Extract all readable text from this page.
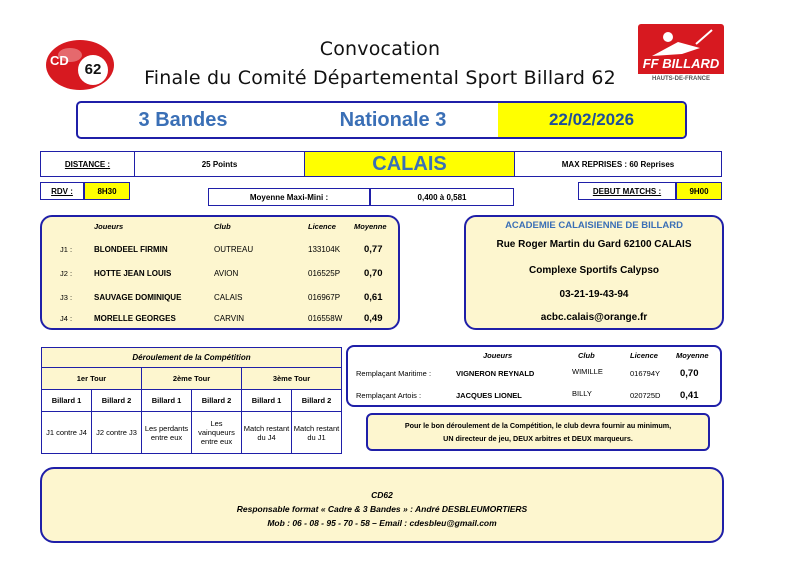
CD
62	FF BILLARD
HAUTS-DE-FRANCE
Convocation
Finale du Comité Départemental Sport Billard 62
3 Bandes	Nationale 3	22/02/2026
DISTANCE :	25 Points	CALAIS	MAX REPRISES : 60 Reprises
RDV :	8H30
Moyenne Maxi-Mini :	0,400 à 0,581
DEBUT MATCHS :	9H00
Joueurs	Club	Licence Moyenne
J1 :	BLONDEEL FIRMIN	OUTREAU	133104K	0,77
J2 :	HOTTE JEAN LOUIS	AVION	016525P	0,70
J3 :	SAUVAGE DOMINIQUE	CALAIS	016967P	0,61
J4 :	MORELLE GEORGES	CARVIN	016558W 0,49
ACADEMIE CALAISIENNE DE BILLARD
Rue Roger Martin du Gard 62100 CALAIS
Complexe Sportifs Calypso
03-21-19-43-94
acbc.calais@orange.fr
Déroulement de la Compétition					
1er Tour		2ème Tour		3ème Tour	
Billard 1	Billard 2	Billard 1	Billard 2	Billard 1	Billard 2
J1 contre J4	J2 contre J3	Les perdants entre eux	Les vainqueurs entre eux	Match restant du J4	Match restant du J1
Joueurs	Club	Licence Moyenne
Remplaçant Maritime :	VIGNERON REYNALD	WIMILLE	016794Y 0,70
Remplaçant Artois :	JACQUES LIONEL	BILLY	020725D 0,41
Pour le bon déroulement de la Compétition, le club devra fournir au minimum,
UN directeur de jeu, DEUX arbitres et DEUX marqueurs.
CD62
Responsable format « Cadre & 3 Bandes » : André DESBLEUMORTIERS
Mob : 06 - 08 - 95 - 70 - 58 – Email : cdesbleu@gmail.com
